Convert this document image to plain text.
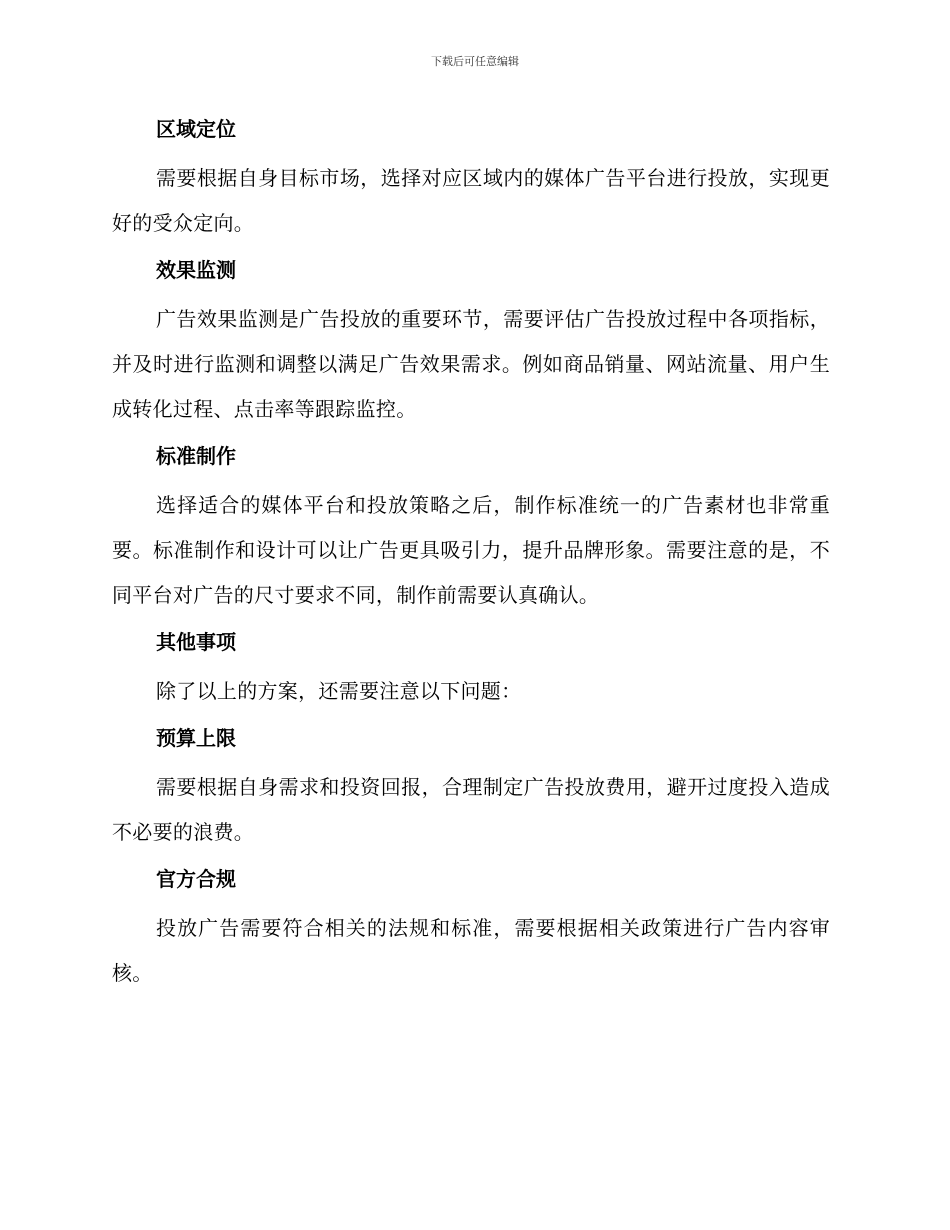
下载后可任意编辑

区域定位

需要根据自身目标市场，选择对应区域内的媒体广告平台进行投放，实现更好的受众定向。

效果监测

广告效果监测是广告投放的重要环节，需要评估广告投放过程中各项指标，并及时进行监测和调整以满足广告效果需求。例如商品销量、网站流量、用户生成转化过程、点击率等跟踪监控。

标准制作

选择适合的媒体平台和投放策略之后，制作标准统一的广告素材也非常重要。标准制作和设计可以让广告更具吸引力，提升品牌形象。需要注意的是，不同平台对广告的尺寸要求不同，制作前需要认真确认。

其他事项

除了以上的方案，还需要注意以下问题：

预算上限

需要根据自身需求和投资回报，合理制定广告投放费用，避开过度投入造成不必要的浪费。

官方合规

投放广告需要符合相关的法规和标准，需要根据相关政策进行广告内容审核。
